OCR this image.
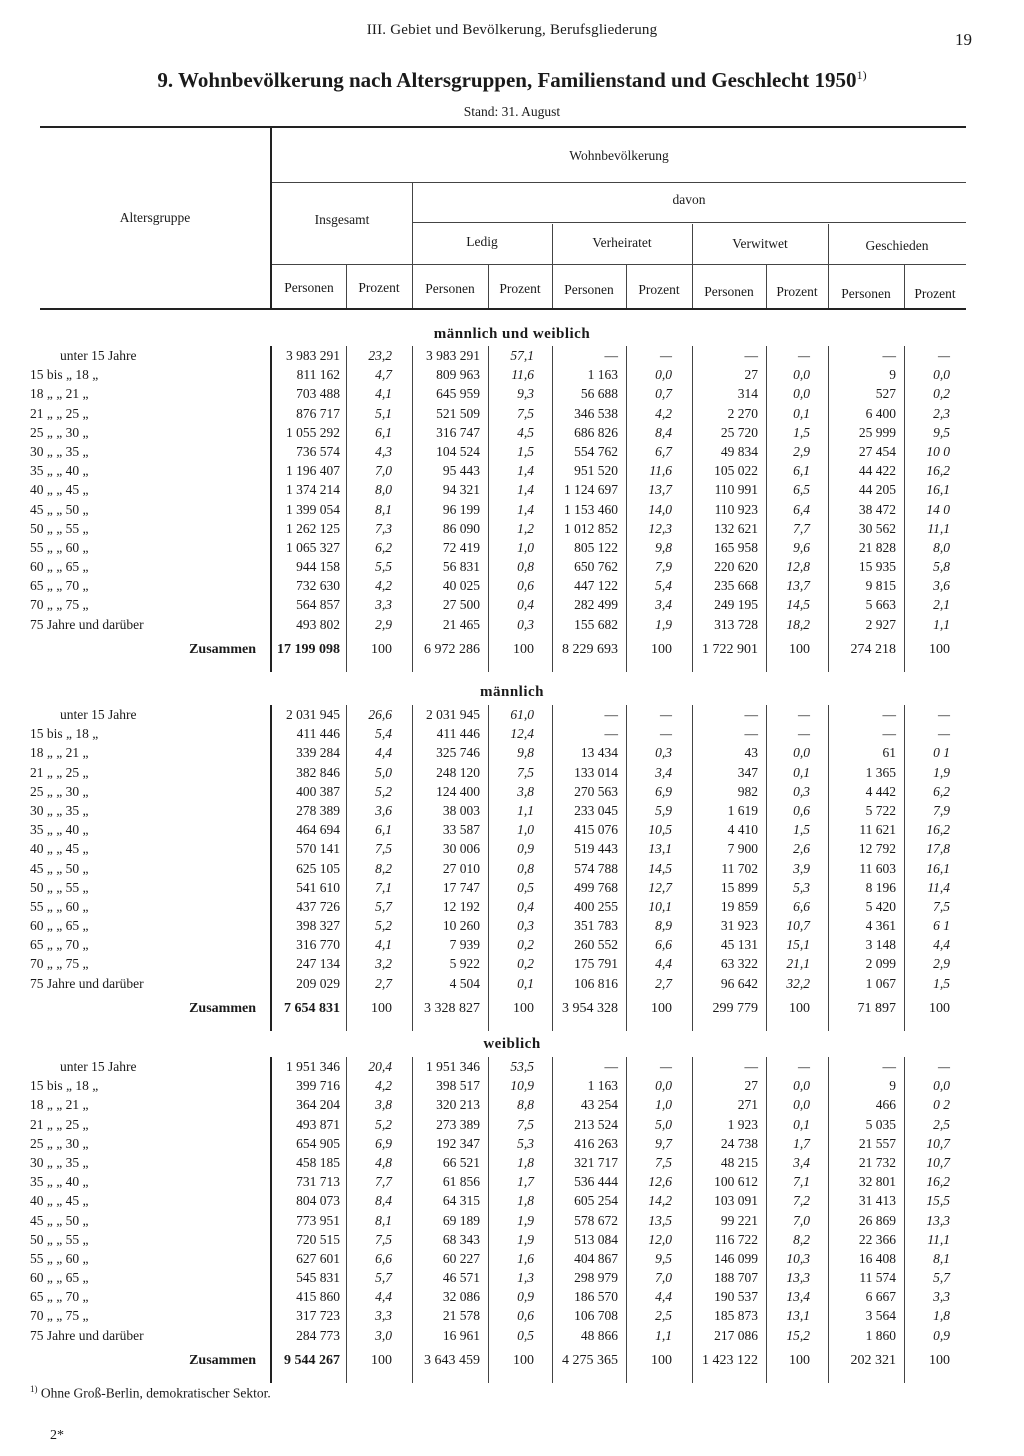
III. Gebiet und Bevölkerung, Berufsgliederung	19
9. Wohnbevölkerung nach Altersgruppen, Familienstand und Geschlecht 1950$^{1)}$
Stand: 31. August
Altersgruppe
Wohnbevölkerung
Insgesamt
davon
Ledig	Verheiratet	Verwitwet	Geschieden
Personen	Prozent	Personen	Prozent	Personen	Prozent	Personen	Prozent	Personen	Prozent
männlich und weiblich
unter 15 Jahre	3 983 291	23,2	3 983 291	57,1	—	—	—	—	—	—
15 bis „ 18 „	811 162	4,7	809 963	11,6	1 163	0,0	27	0,0	9	0,0
18 „ „ 21 „	703 488	4,1	645 959	9,3	56 688	0,7	314	0,0	527	0,2
21 „ „ 25 „	876 717	5,1	521 509	7,5	346 538	4,2	2 270	0,1	6 400	2,3
25 „ „ 30 „	1 055 292	6,1	316 747	4,5	686 826	8,4	25 720	1,5	25 999	9,5
30 „ „ 35 „	736 574	4,3	104 524	1,5	554 762	6,7	49 834	2,9	27 454	10 0
35 „ „ 40 „	1 196 407	7,0	95 443	1,4	951 520	11,6	105 022	6,1	44 422	16,2
40 „ „ 45 „	1 374 214	8,0	94 321	1,4	1 124 697	13,7	110 991	6,5	44 205	16,1
45 „ „ 50 „	1 399 054	8,1	96 199	1,4	1 153 460	14,0	110 923	6,4	38 472	14 0
50 „ „ 55 „	1 262 125	7,3	86 090	1,2	1 012 852	12,3	132 621	7,7	30 562	11,1
55 „ „ 60 „	1 065 327	6,2	72 419	1,0	805 122	9,8	165 958	9,6	21 828	8,0
60 „ „ 65 „	944 158	5,5	56 831	0,8	650 762	7,9	220 620	12,8	15 935	5,8
65 „ „ 70 „	732 630	4,2	40 025	0,6	447 122	5,4	235 668	13,7	9 815	3,6
70 „ „ 75 „	564 857	3,3	27 500	0,4	282 499	3,4	249 195	14,5	5 663	2,1
75 Jahre und darüber	493 802	2,9	21 465	0,3	155 682	1,9	313 728	18,2	2 927	1,1
Zusammen	17 199 098	100	6 972 286	100	8 229 693	100	1 722 901	100	274 218	100
männlich
unter 15 Jahre	2 031 945	26,6	2 031 945	61,0	—	—	—	—	—	—
15 bis „ 18 „	411 446	5,4	411 446	12,4	—	—	—	—	—	—
18 „ „ 21 „	339 284	4,4	325 746	9,8	13 434	0,3	43	0,0	61	0 1
21 „ „ 25 „	382 846	5,0	248 120	7,5	133 014	3,4	347	0,1	1 365	1,9
25 „ „ 30 „	400 387	5,2	124 400	3,8	270 563	6,9	982	0,3	4 442	6,2
30 „ „ 35 „	278 389	3,6	38 003	1,1	233 045	5,9	1 619	0,6	5 722	7,9
35 „ „ 40 „	464 694	6,1	33 587	1,0	415 076	10,5	4 410	1,5	11 621	16,2
40 „ „ 45 „	570 141	7,5	30 006	0,9	519 443	13,1	7 900	2,6	12 792	17,8
45 „ „ 50 „	625 105	8,2	27 010	0,8	574 788	14,5	11 702	3,9	11 603	16,1
50 „ „ 55 „	541 610	7,1	17 747	0,5	499 768	12,7	15 899	5,3	8 196	11,4
55 „ „ 60 „	437 726	5,7	12 192	0,4	400 255	10,1	19 859	6,6	5 420	7,5
60 „ „ 65 „	398 327	5,2	10 260	0,3	351 783	8,9	31 923	10,7	4 361	6 1
65 „ „ 70 „	316 770	4,1	7 939	0,2	260 552	6,6	45 131	15,1	3 148	4,4
70 „ „ 75 „	247 134	3,2	5 922	0,2	175 791	4,4	63 322	21,1	2 099	2,9
75 Jahre und darüber	209 029	2,7	4 504	0,1	106 816	2,7	96 642	32,2	1 067	1,5
Zusammen	7 654 831	100	3 328 827	100	3 954 328	100	299 779	100	71 897	100
weiblich
unter 15 Jahre	1 951 346	20,4	1 951 346	53,5	—	—	—	—	—	—
15 bis „ 18 „	399 716	4,2	398 517	10,9	1 163	0,0	27	0,0	9	0,0
18 „ „ 21 „	364 204	3,8	320 213	8,8	43 254	1,0	271	0,0	466	0 2
21 „ „ 25 „	493 871	5,2	273 389	7,5	213 524	5,0	1 923	0,1	5 035	2,5
25 „ „ 30 „	654 905	6,9	192 347	5,3	416 263	9,7	24 738	1,7	21 557	10,7
30 „ „ 35 „	458 185	4,8	66 521	1,8	321 717	7,5	48 215	3,4	21 732	10,7
35 „ „ 40 „	731 713	7,7	61 856	1,7	536 444	12,6	100 612	7,1	32 801	16,2
40 „ „ 45 „	804 073	8,4	64 315	1,8	605 254	14,2	103 091	7,2	31 413	15,5
45 „ „ 50 „	773 951	8,1	69 189	1,9	578 672	13,5	99 221	7,0	26 869	13,3
50 „ „ 55 „	720 515	7,5	68 343	1,9	513 084	12,0	116 722	8,2	22 366	11,1
55 „ „ 60 „	627 601	6,6	60 227	1,6	404 867	9,5	146 099	10,3	16 408	8,1
60 „ „ 65 „	545 831	5,7	46 571	1,3	298 979	7,0	188 707	13,3	11 574	5,7
65 „ „ 70 „	415 860	4,4	32 086	0,9	186 570	4,4	190 537	13,4	6 667	3,3
70 „ „ 75 „	317 723	3,3	21 578	0,6	106 708	2,5	185 873	13,1	3 564	1,8
75 Jahre und darüber	284 773	3,0	16 961	0,5	48 866	1,1	217 086	15,2	1 860	0,9
Zusammen	9 544 267	100	3 643 459	100	4 275 365	100	1 423 122	100	202 321	100
$^{1)}$ Ohne Groß-Berlin, demokratischer Sektor.
2*
